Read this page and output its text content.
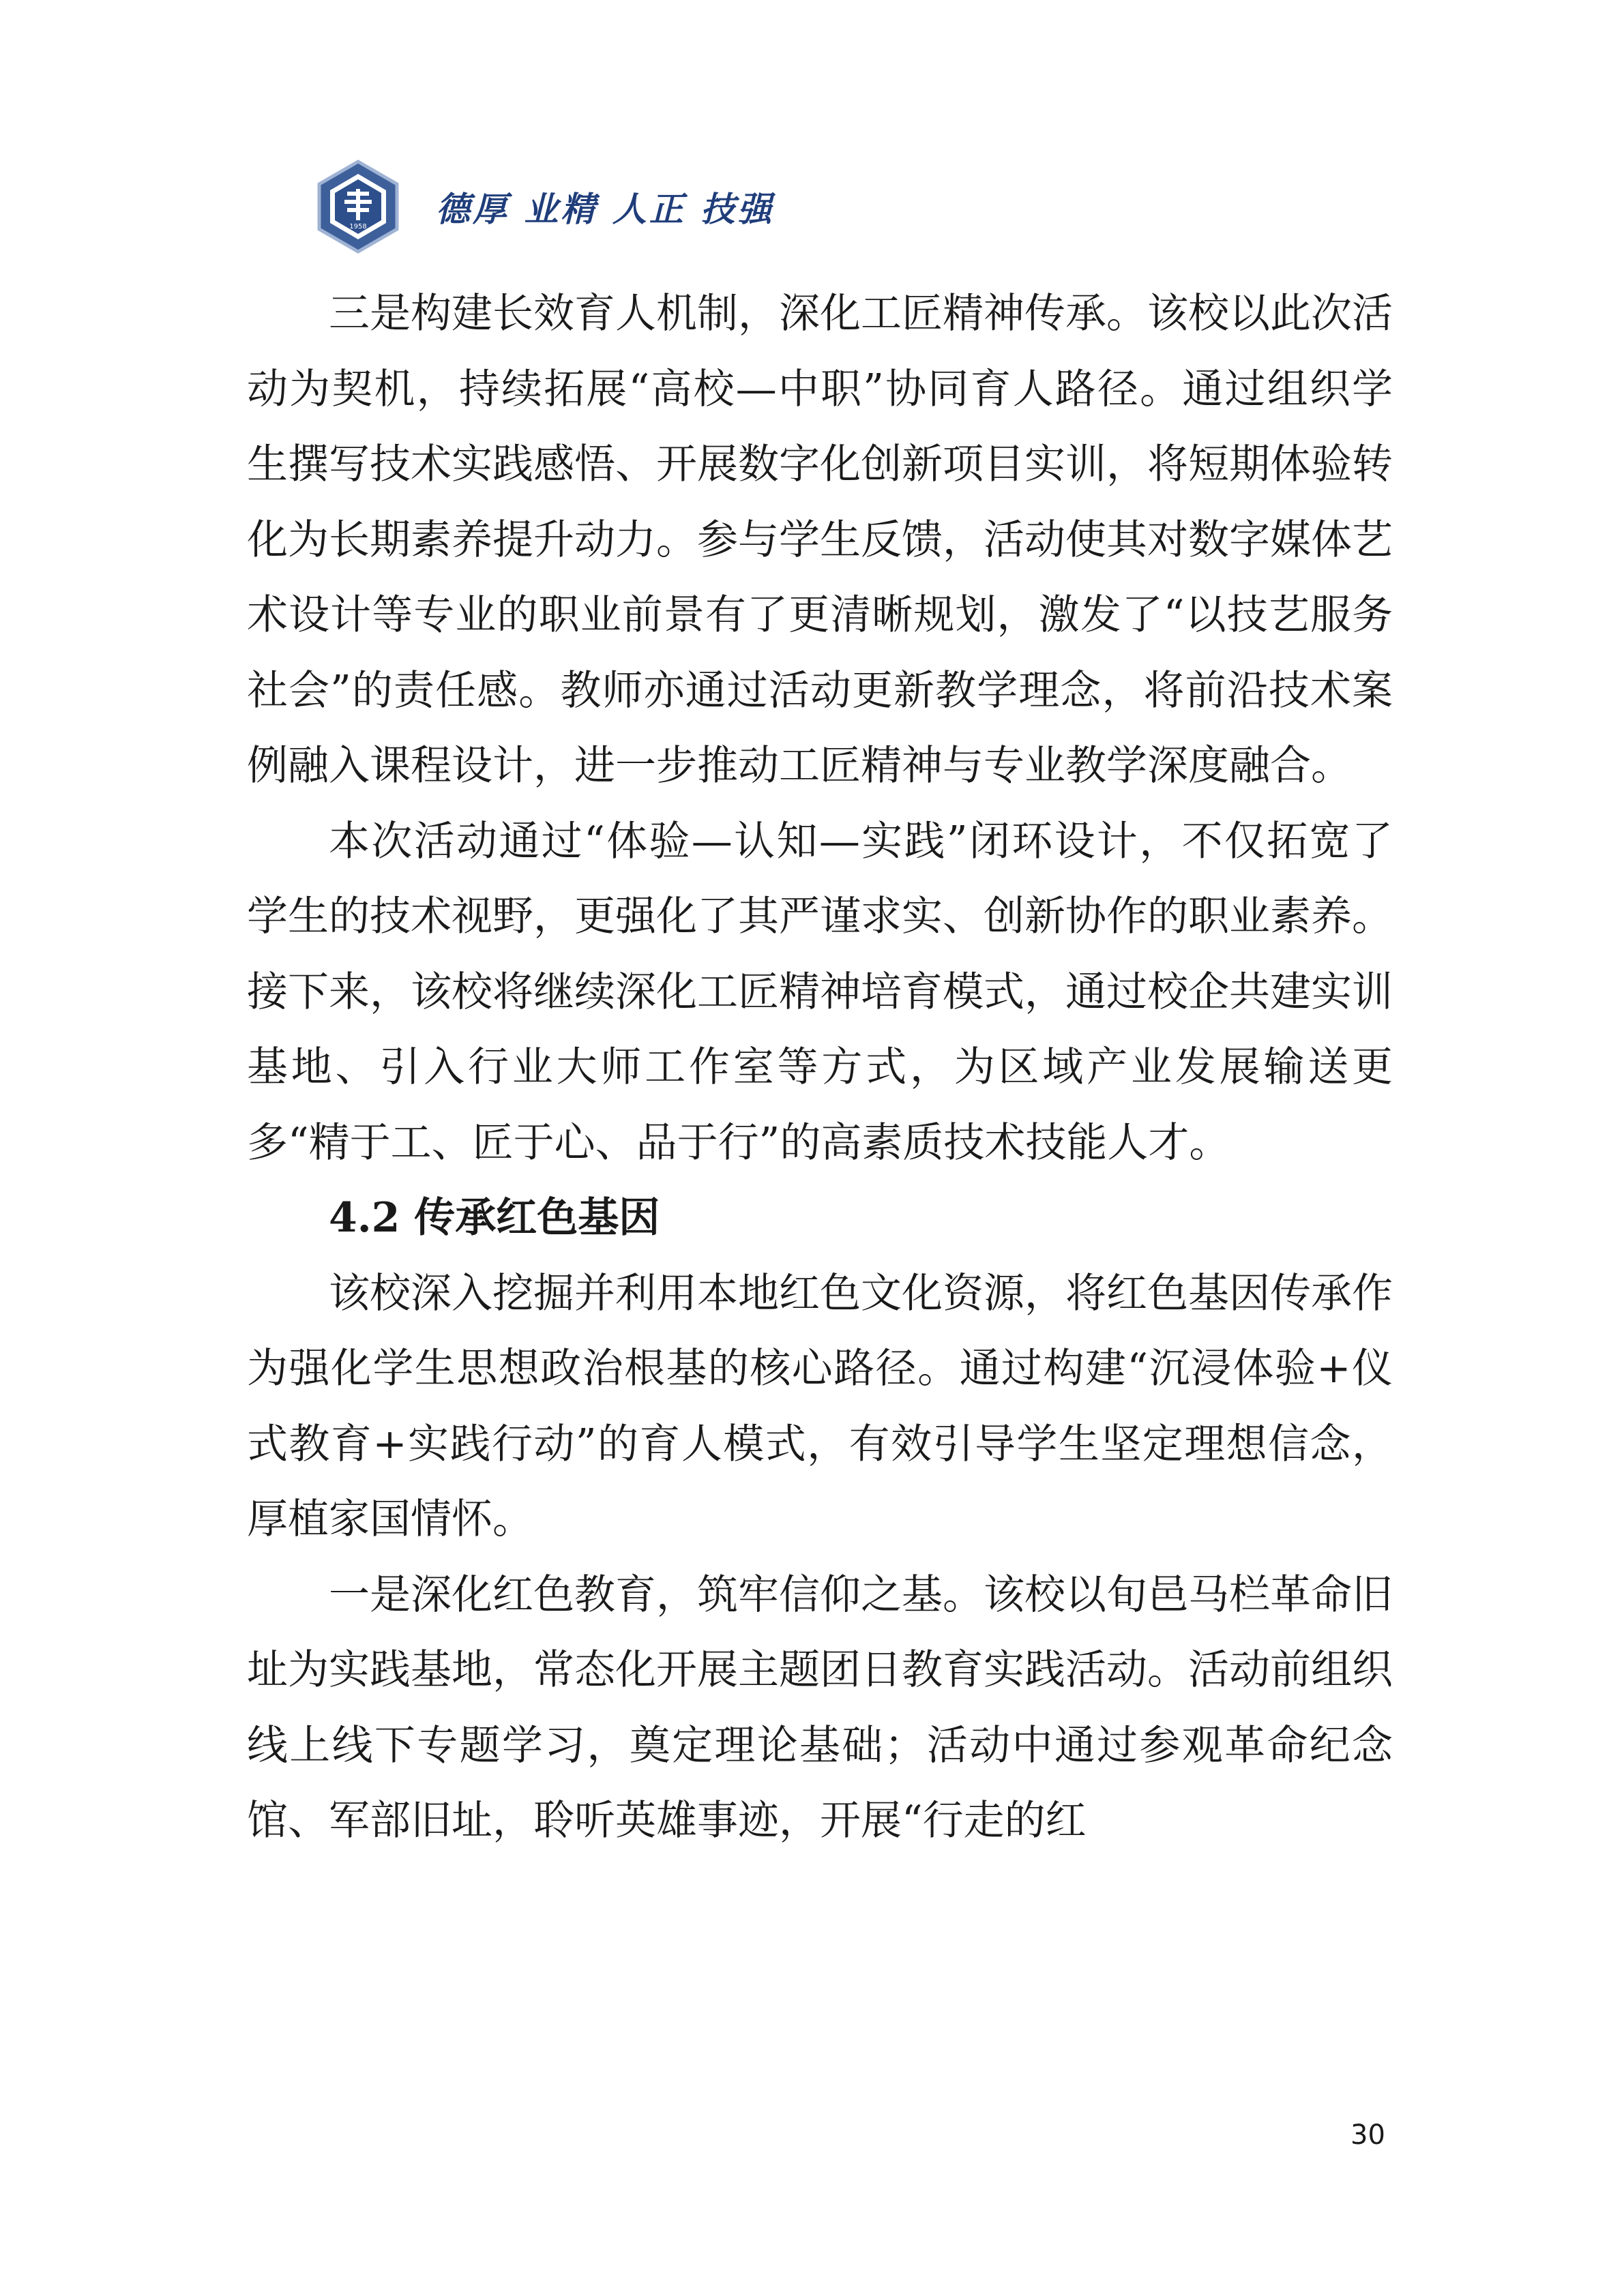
1958 德厚 业精 人正 技强

三是构建长效育人机制，深化工匠精神传承。该校以此次活动为契机，持续拓展“高校—中职”协同育人路径。通过组织学生撰写技术实践感悟、开展数字化创新项目实训，将短期体验转化为长期素养提升动力。参与学生反馈，活动使其对数字媒体艺术设计等专业的职业前景有了更清晰规划，激发了“以技艺服务社会”的责任感。教师亦通过活动更新教学理念，将前沿技术案例融入课程设计，进一步推动工匠精神与专业教学深度融合。

本次活动通过“体验—认知—实践”闭环设计，不仅拓宽了学生的技术视野，更强化了其严谨求实、创新协作的职业素养。接下来，该校将继续深化工匠精神培育模式，通过校企共建实训基地、引入行业大师工作室等方式，为区域产业发展输送更多“精于工、匠于心、品于行”的高素质技术技能人才。

4.2 传承红色基因

该校深入挖掘并利用本地红色文化资源，将红色基因传承作为强化学生思想政治根基的核心路径。通过构建“沉浸体验+仪式教育+实践行动”的育人模式，有效引导学生坚定理想信念，厚植家国情怀。

一是深化红色教育，筑牢信仰之基。该校以旬邑马栏革命旧址为实践基地，常态化开展主题团日教育实践活动。活动前组织线上线下专题学习，奠定理论基础；活动中通过参观革命纪念馆、军部旧址，聆听英雄事迹，开展“行走的红

30
